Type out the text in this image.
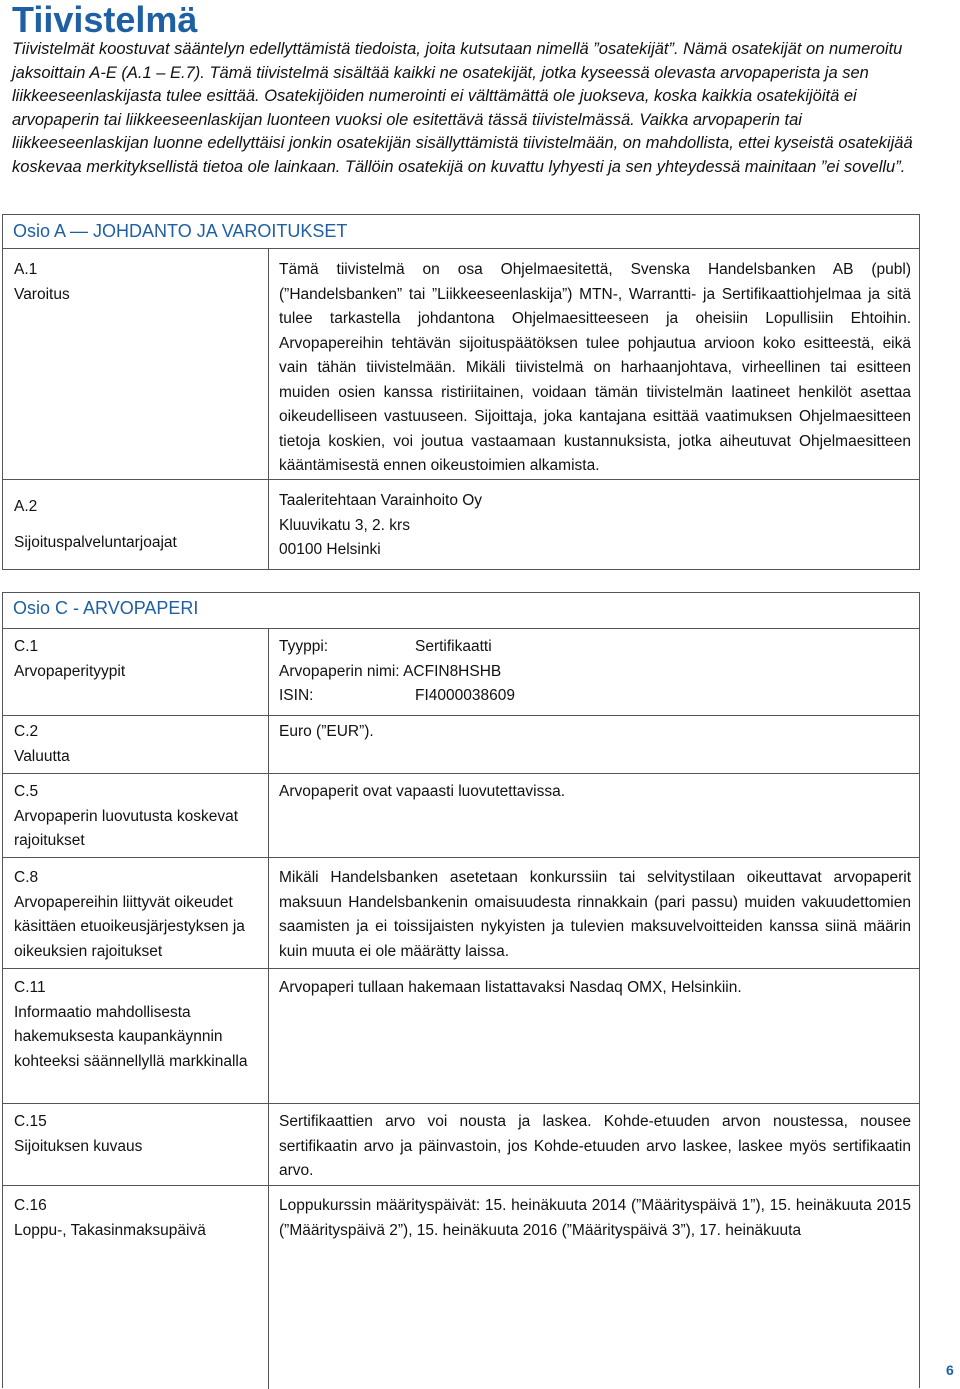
Tiivistelmä

Tiivistelmät koostuvat sääntelyn edellyttämistä tiedoista, joita kutsutaan nimellä ”osatekijät”. Nämä osatekijät on numeroitu jaksoittain A-E (A.1 – E.7). Tämä tiivistelmä sisältää kaikki ne osatekijät, jotka kyseessä olevasta arvopaperista ja sen liikkeeseenlaskijasta tulee esittää. Osatekijöiden numerointi ei välttämättä ole juokseva, koska kaikkia osatekijöitä ei arvopaperin tai liikkeeseenlaskijan luonteen vuoksi ole esitettävä tässä tiivistelmässä. Vaikka arvopaperin tai liikkeeseenlaskijan luonne edellyttäisi jonkin osatekijän sisällyttämistä tiivistelmään, on mahdollista, ettei kyseistä osatekijää koskevaa merkityksellistä tietoa ole lainkaan. Tällöin osatekijä on kuvattu lyhyesti ja sen yhteydessä mainitaan ”ei sovellu”.

Osio A — JOHDANTO JA VAROITUKSET
A.1
Varoitus
Tämä tiivistelmä on osa Ohjelmaesitettä, Svenska Handelsbanken AB (publ) (”Handelsbanken” tai ”Liikkeeseenlaskija”) MTN-, Warrantti- ja Sertifikaattiohjelmaa ja sitä tulee tarkastella johdantona Ohjelmaesitteeseen ja oheisiin Lopullisiin Ehtoihin. Arvopapereihin tehtävän sijoituspäätöksen tulee pohjautua arvioon koko esitteestä, eikä vain tähän tiivistelmään. Mikäli tiivistelmä on harhaanjohtava, virheellinen tai esitteen muiden osien kanssa ristiriitainen, voidaan tämän tiivistelmän laatineet henkilöt asettaa oikeudelliseen vastuuseen. Sijoittaja, joka kantajana esittää vaatimuksen Ohjelmaesitteen tietoja koskien, voi joutua vastaamaan kustannuksista, jotka aiheutuvat Ohjelmaesitteen kääntämisestä ennen oikeustoimien alkamista.
A.2
Sijoituspalveluntarjoajat
Taaleritehtaan Varainhoito Oy
Kluuvikatu 3, 2. krs
00100 Helsinki
Osio C - ARVOPAPERI
C.1
Arvopaperityypit
Tyyppi:	Sertifikaatti
Arvopaperin nimi: ACFIN8HSHB
ISIN:	FI4000038609
C.2
Valuutta
Euro (”EUR”).
C.5
Arvopaperin luovutusta koskevat rajoitukset
Arvopaperit ovat vapaasti luovutettavissa.
C.8
Arvopapereihin liittyvät oikeudet käsittäen etuoikeusjärjestyksen ja oikeuksien rajoitukset
Mikäli Handelsbanken asetetaan konkurssiin tai selvitystilaan oikeuttavat arvopaperit maksuun Handelsbankenin omaisuudesta rinnakkain (pari passu) muiden vakuudettomien saamisten ja ei toissijaisten nykyisten ja tulevien maksuvelvoitteiden kanssa siinä määrin kuin muuta ei ole määrätty laissa.
C.11
Informaatio mahdollisesta hakemuksesta kaupankäynnin kohteeksi säännellyllä markkinalla
Arvopaperi tullaan hakemaan listattavaksi Nasdaq OMX, Helsinkiin.
C.15
Sijoituksen kuvaus
Sertifikaattien arvo voi nousta ja laskea. Kohde-etuuden arvon noustessa, nousee sertifikaatin arvo ja päinvastoin, jos Kohde-etuuden arvo laskee, laskee myös sertifikaatin arvo.
C.16
Loppu-, Takasinmaksupäivä
Loppukurssin määrityspäivät: 15. heinäkuuta 2014 (”Määrityspäivä 1”), 15. heinäkuuta 2015 (”Määrityspäivä 2”), 15. heinäkuuta 2016 (”Määrityspäivä 3”), 17. heinäkuuta
6
